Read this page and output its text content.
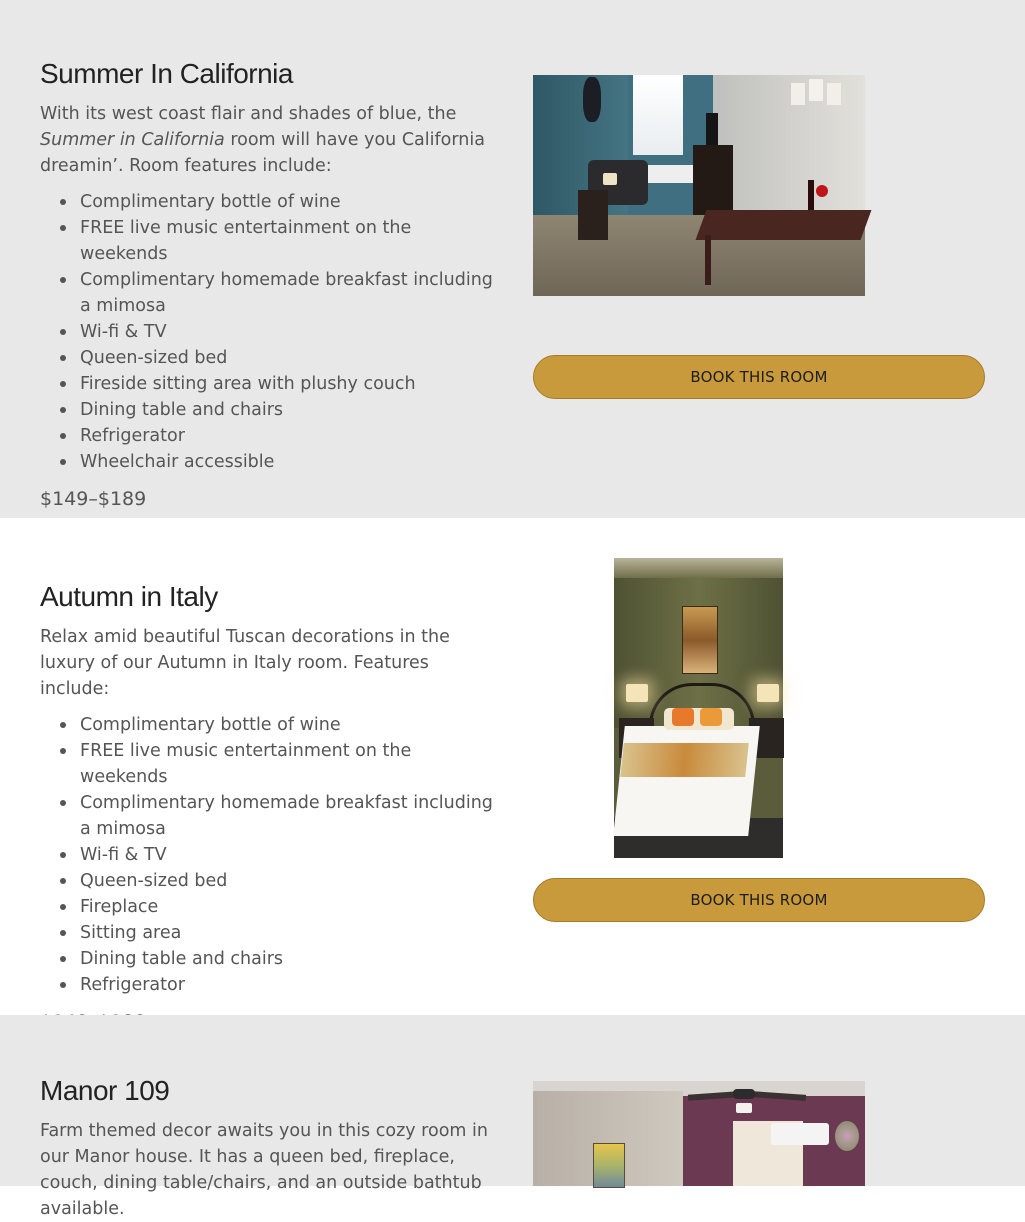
Summer In California

With its west coast flair and shades of blue, the Summer in California room will have you California dreamin’. Room features include:

Complimentary bottle of wine
FREE live music entertainment on the weekends
Complimentary homemade breakfast including a mimosa
Wi-fi & TV
Queen-sized bed
Fireside sitting area with plushy couch
Dining table and chairs
Refrigerator
Wheelchair accessible

$149–$189

BOOK THIS ROOM
Autumn in Italy

Relax amid beautiful Tuscan decorations in the luxury of our Autumn in Italy room. Features include:

Complimentary bottle of wine
FREE live music entertainment on the weekends
Complimentary homemade breakfast including a mimosa
Wi-fi & TV
Queen-sized bed
Fireplace
Sitting area
Dining table and chairs
Refrigerator

BOOK THIS ROOM
Manor 109

Farm themed decor awaits you in this cozy room in our Manor house. It has a queen bed, fireplace, couch, dining table/chairs, and an outside bathtub available.
